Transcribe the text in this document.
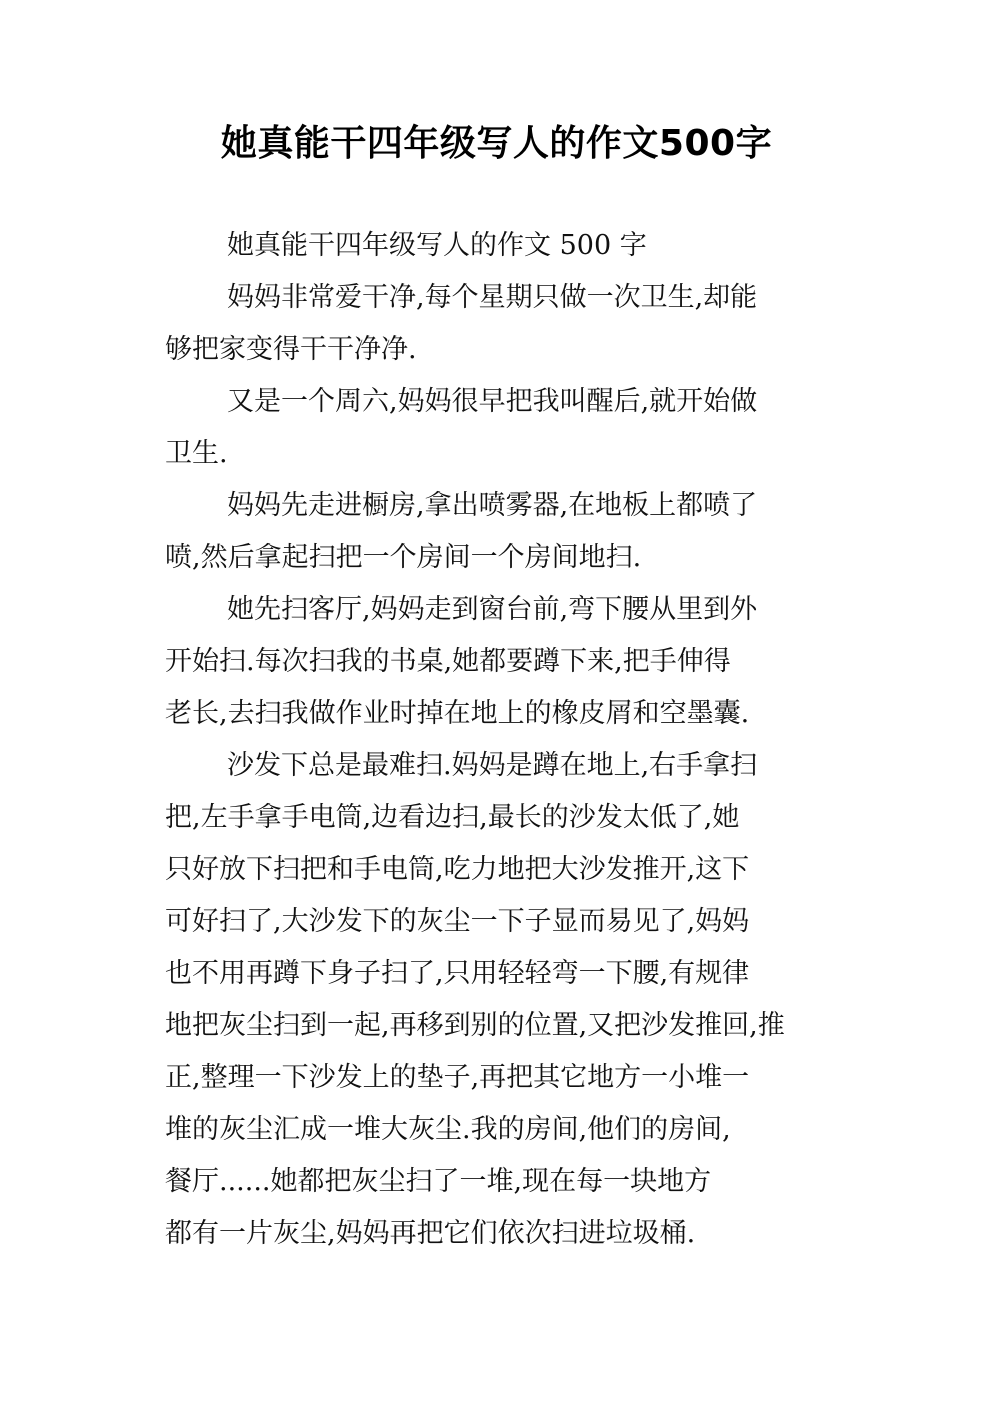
她真能干四年级写人的作文500字
她真能干四年级写人的作文 500 字
妈妈非常爱干净,每个星期只做一次卫生,却能
够把家变得干干净净.
又是一个周六,妈妈很早把我叫醒后,就开始做
卫生.
妈妈先走进橱房,拿出喷雾器,在地板上都喷了
喷,然后拿起扫把一个房间一个房间地扫.
她先扫客厅,妈妈走到窗台前,弯下腰从里到外
开始扫.每次扫我的书桌,她都要蹲下来,把手伸得
老长,去扫我做作业时掉在地上的橡皮屑和空墨囊.
沙发下总是最难扫.妈妈是蹲在地上,右手拿扫
把,左手拿手电筒,边看边扫,最长的沙发太低了,她
只好放下扫把和手电筒,吃力地把大沙发推开,这下
可好扫了,大沙发下的灰尘一下子显而易见了,妈妈
也不用再蹲下身子扫了,只用轻轻弯一下腰,有规律
地把灰尘扫到一起,再移到别的位置,又把沙发推回,推
正,整理一下沙发上的垫子,再把其它地方一小堆一
堆的灰尘汇成一堆大灰尘.我的房间,他们的房间,
餐厅......她都把灰尘扫了一堆,现在每一块地方
都有一片灰尘,妈妈再把它们依次扫进垃圾桶.
